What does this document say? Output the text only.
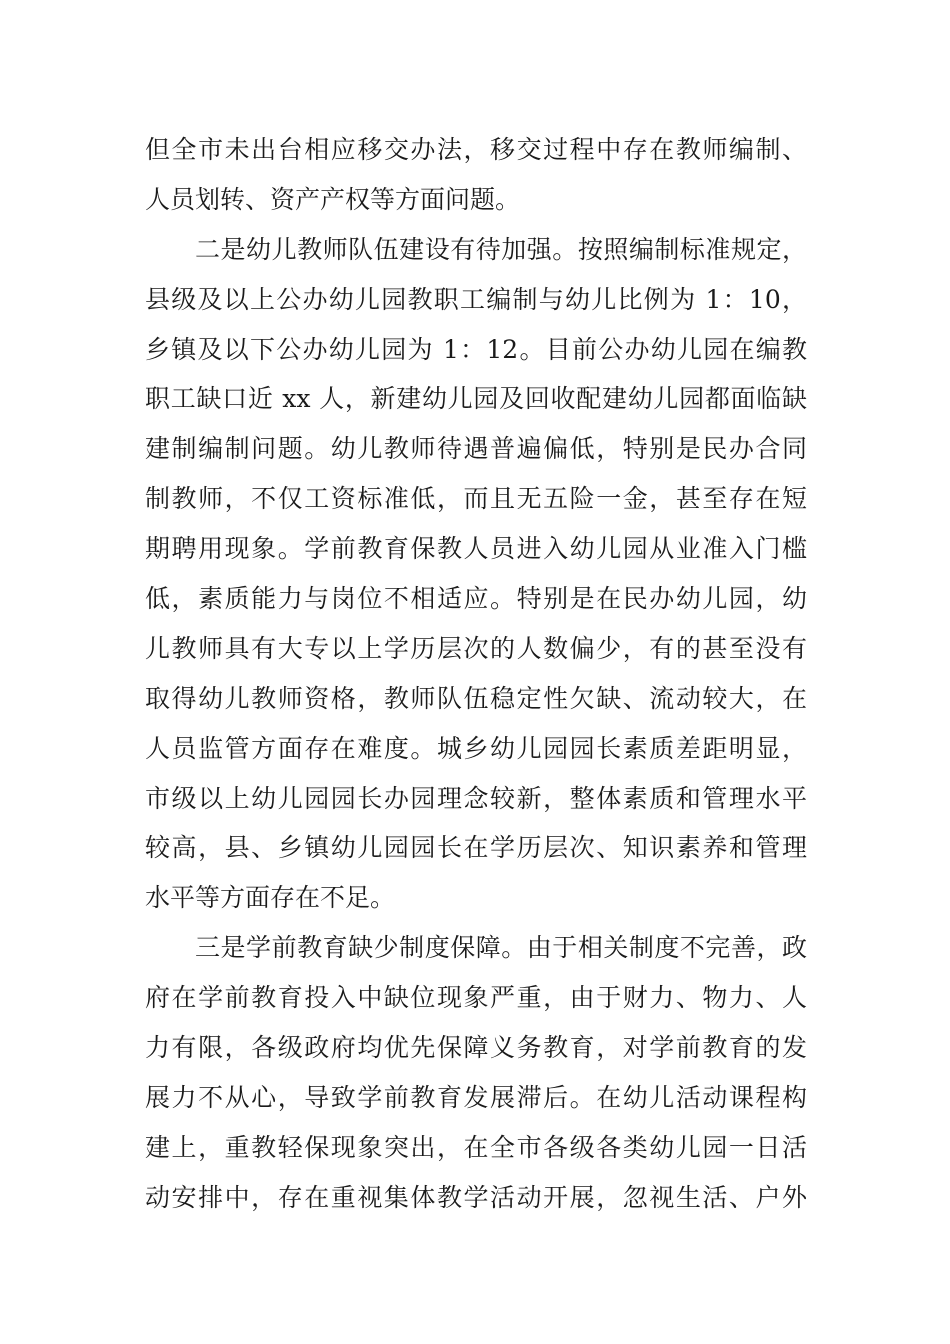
但全市未出台相应移交办法，移交过程中存在教师编制、
人员划转、资产产权等方面问题。
二是幼儿教师队伍建设有待加强。按照编制标准规定，
县级及以上公办幼儿园教职工编制与幼儿比例为 1：10，
乡镇及以下公办幼儿园为 1：12。目前公办幼儿园在编教
职工缺口近 xx 人，新建幼儿园及回收配建幼儿园都面临缺
建制编制问题。幼儿教师待遇普遍偏低，特别是民办合同
制教师，不仅工资标准低，而且无五险一金，甚至存在短
期聘用现象。学前教育保教人员进入幼儿园从业准入门槛
低，素质能力与岗位不相适应。特别是在民办幼儿园，幼
儿教师具有大专以上学历层次的人数偏少，有的甚至没有
取得幼儿教师资格，教师队伍稳定性欠缺、流动较大，在
人员监管方面存在难度。城乡幼儿园园长素质差距明显，
市级以上幼儿园园长办园理念较新，整体素质和管理水平
较高，县、乡镇幼儿园园长在学历层次、知识素养和管理
水平等方面存在不足。
三是学前教育缺少制度保障。由于相关制度不完善，政
府在学前教育投入中缺位现象严重，由于财力、物力、人
力有限，各级政府均优先保障义务教育，对学前教育的发
展力不从心，导致学前教育发展滞后。在幼儿活动课程构
建上，重教轻保现象突出，在全市各级各类幼儿园一日活
动安排中，存在重视集体教学活动开展，忽视生活、户外
